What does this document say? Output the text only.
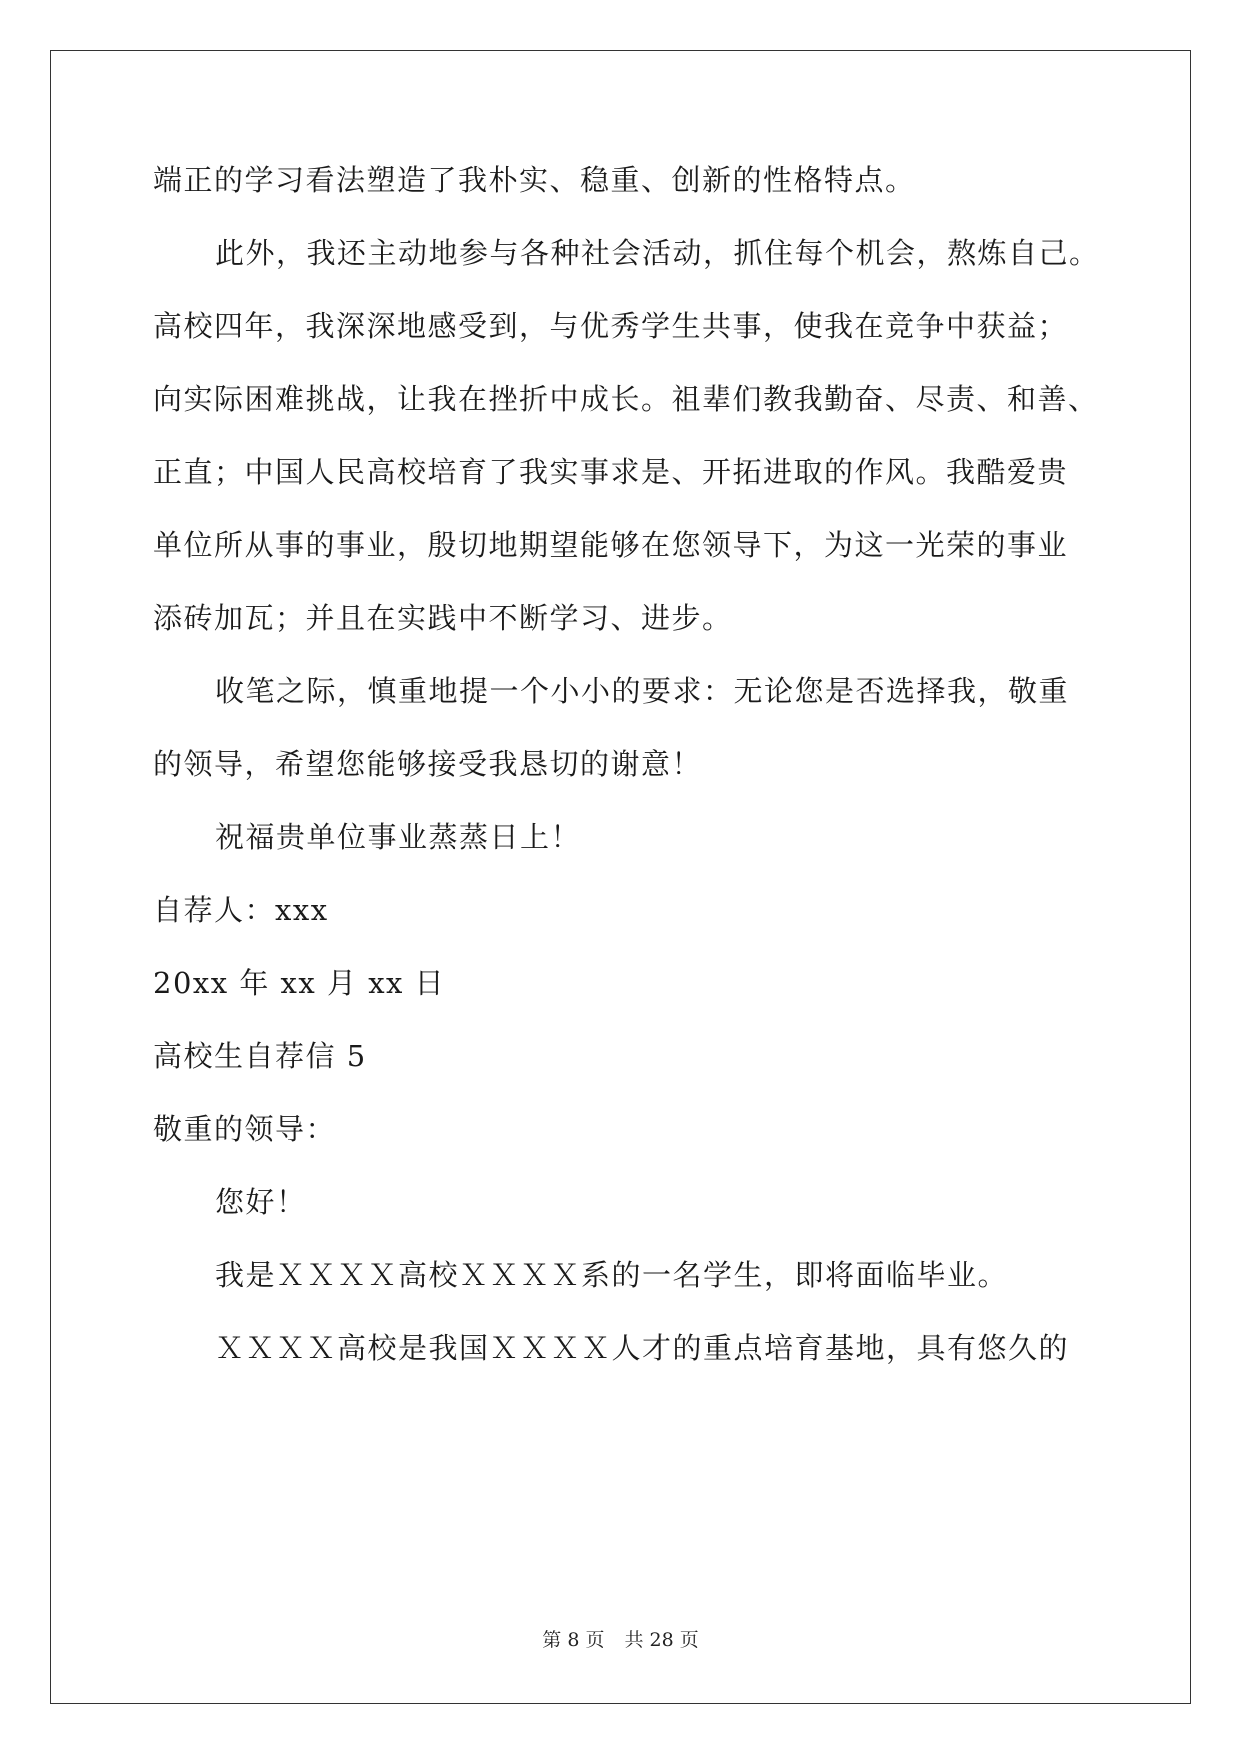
端正的学习看法塑造了我朴实、稳重、创新的性格特点。
此外，我还主动地参与各种社会活动，抓住每个机会，熬炼自己。
高校四年，我深深地感受到，与优秀学生共事，使我在竞争中获益；
向实际困难挑战，让我在挫折中成长。祖辈们教我勤奋、尽责、和善、
正直；中国人民高校培育了我实事求是、开拓进取的作风。我酷爱贵
单位所从事的事业，殷切地期望能够在您领导下，为这一光荣的事业
添砖加瓦；并且在实践中不断学习、进步。
收笔之际，慎重地提一个小小的要求：无论您是否选择我，敬重
的领导，希望您能够接受我恳切的谢意！
祝福贵单位事业蒸蒸日上！
自荐人：xxx
20xx 年 xx 月 xx 日
高校生自荐信 5
敬重的领导：
您好！
我是ＸＸＸＸ高校ＸＸＸＸ系的一名学生，即将面临毕业。
ＸＸＸＸ高校是我国ＸＸＸＸ人才的重点培育基地，具有悠久的
第 8 页 共 28 页
